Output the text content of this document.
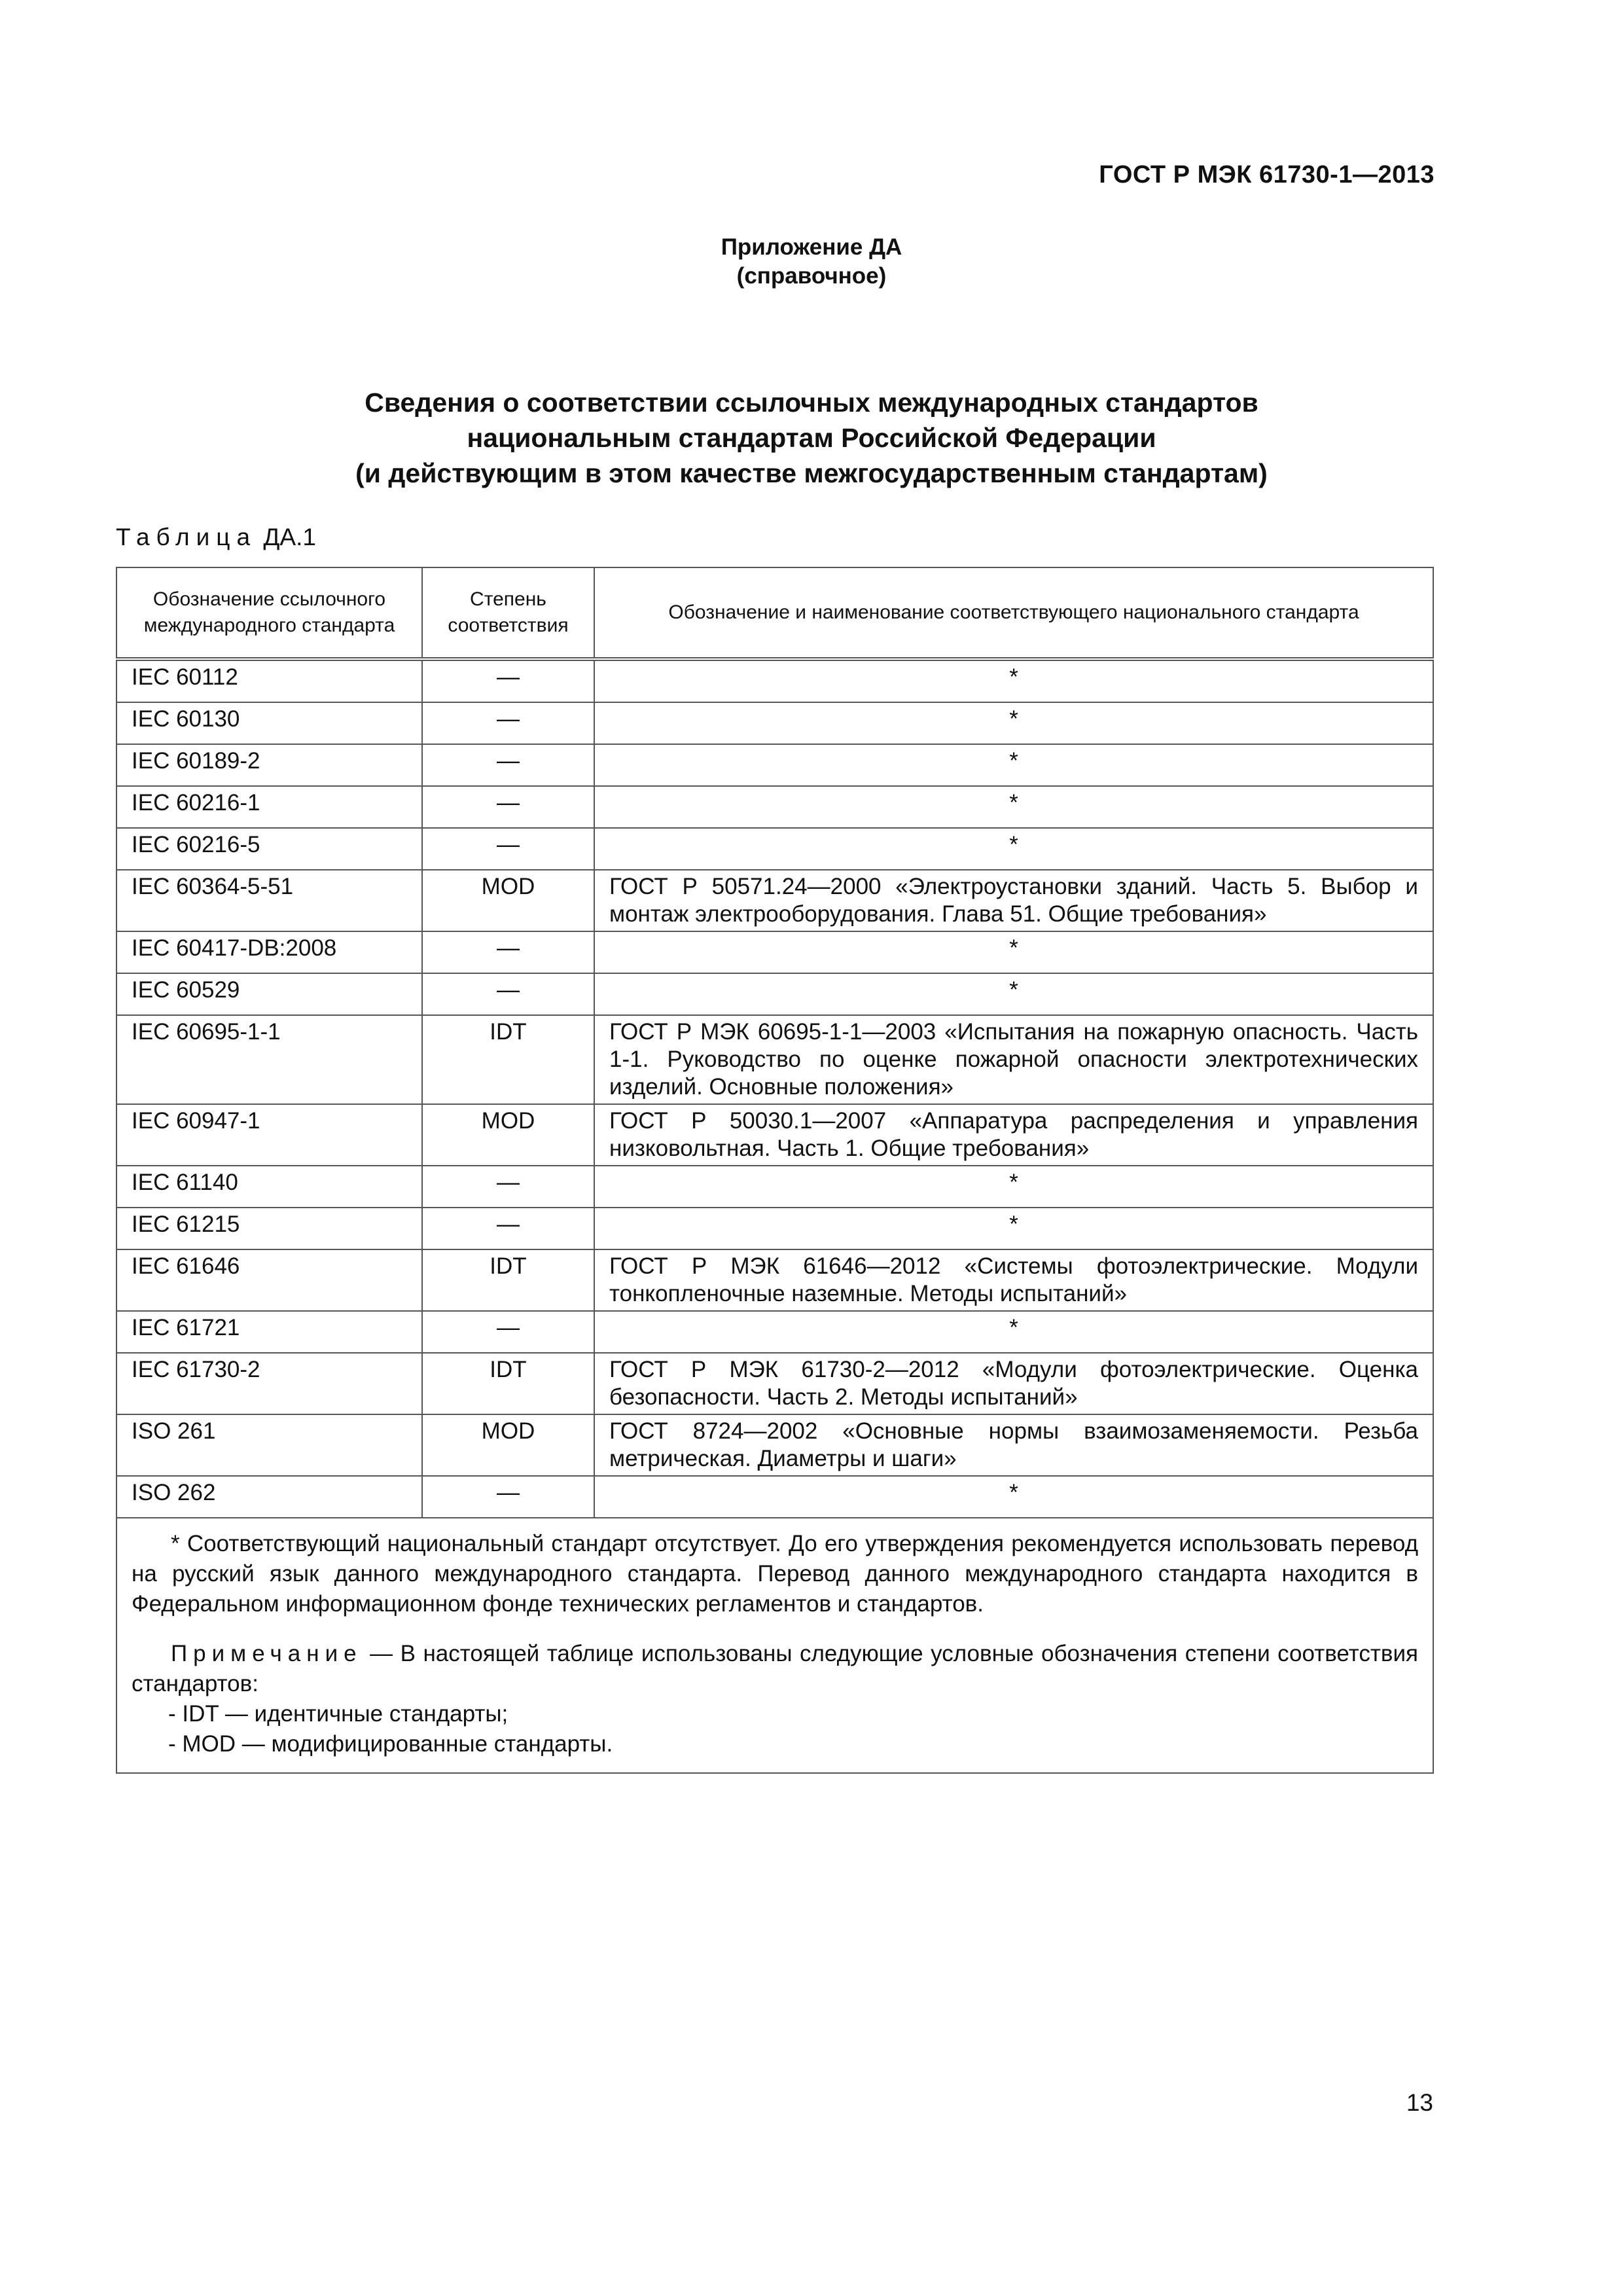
ГОСТ Р МЭК 61730-1—2013
Приложение ДА
(справочное)
Сведения о соответствии ссылочных международных стандартов
национальным стандартам Российской Федерации
(и действующим в этом качестве межгосударственным стандартам)
Таблица ДА.1
Обозначение ссылочного международного стандарта	Степень соответствия	Обозначение и наименование соответствующего национального стандарта
IEC 60112	—	*
IEC 60130	—	*
IEC 60189-2	—	*
IEC 60216-1	—	*
IEC 60216-5	—	*
IEC 60364-5-51	MOD	ГОСТ Р 50571.24—2000 «Электроустановки зданий. Часть 5. Выбор и монтаж электрооборудования. Глава 51. Общие требования»
IEC 60417-DB:2008	—	*
IEC 60529	—	*
IEC 60695-1-1	IDT	ГОСТ Р МЭК 60695-1-1—2003 «Испытания на пожарную опасность. Часть 1-1. Руководство по оценке пожарной опасности электротехнических изделий. Основные положения»
IEC 60947-1	MOD	ГОСТ Р 50030.1—2007 «Аппаратура распределения и управления низковольтная. Часть 1. Общие требования»
IEC 61140	—	*
IEC 61215	—	*
IEC 61646	IDT	ГОСТ Р МЭК 61646—2012 «Системы фотоэлектрические. Модули тонкопленочные наземные. Методы испытаний»
IEC 61721	—	*
IEC 61730-2	IDT	ГОСТ Р МЭК 61730-2—2012 «Модули фотоэлектрические. Оценка безопасности. Часть 2. Методы испытаний»
ISO 261	MOD	ГОСТ 8724—2002 «Основные нормы взаимозаменяемости. Резьба метрическая. Диаметры и шаги»
ISO 262	—	*

* Соответствующий национальный стандарт отсутствует. До его утверждения рекомендуется использовать перевод на русский язык данного международного стандарта. Перевод данного международного стандарта находится в Федеральном информационном фонде технических регламентов и стандартов.

Примечание — В настоящей таблице использованы следующие условные обозначения степени соответствия стандартов:

- IDT — идентичные стандарты;

- MOD — модифицированные стандарты.		

13
